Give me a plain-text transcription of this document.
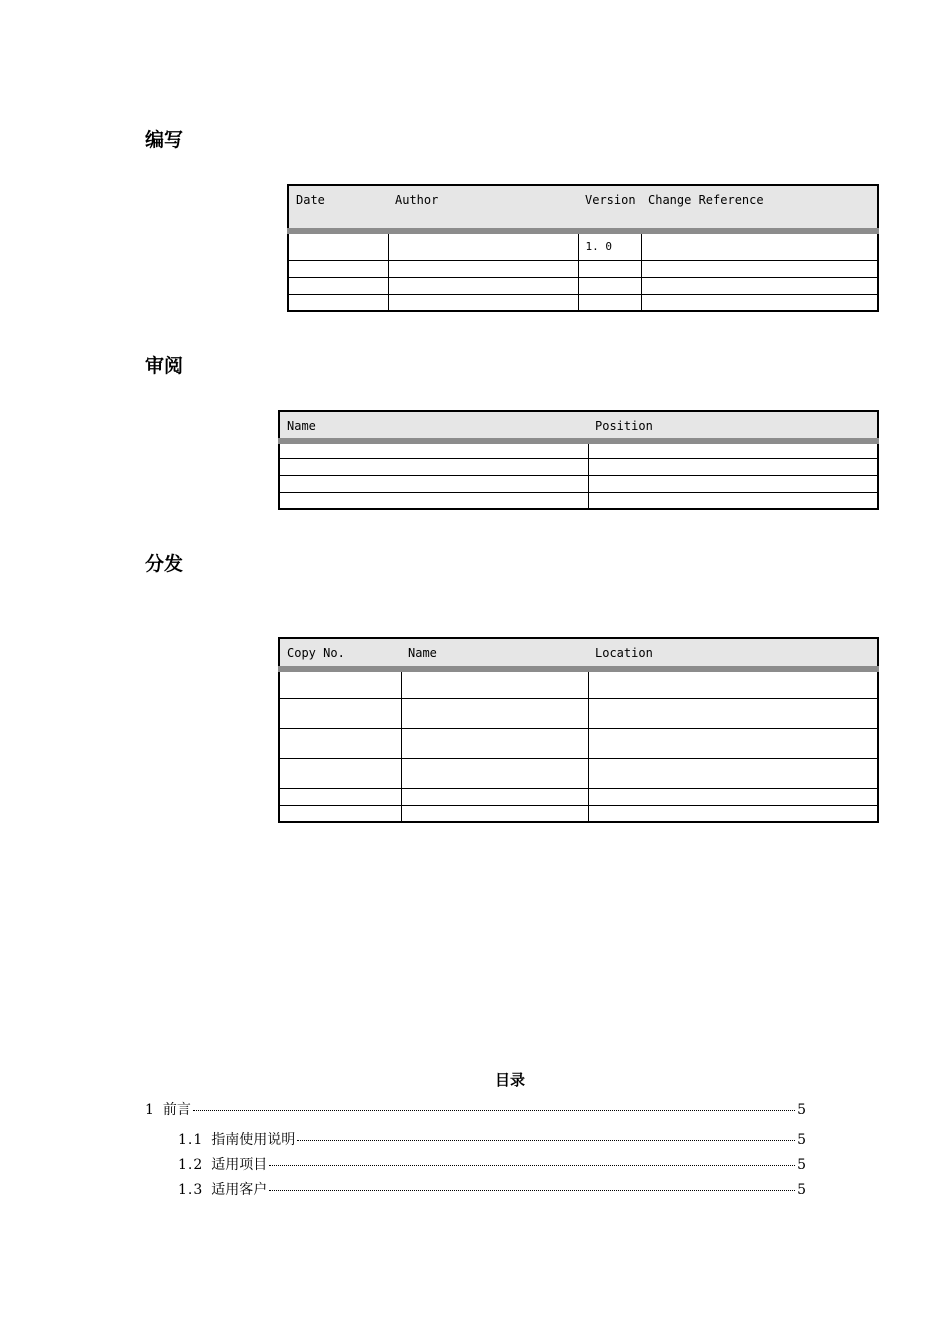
编写
Date	Author	Version	Change Reference
		1. 0	

审阅
Name	Position

分发
Copy No.	Name	Location

目录
1 前言	5
1.1 指南使用说明	5
1.2 适用项目	5
1.3 适用客户	5
